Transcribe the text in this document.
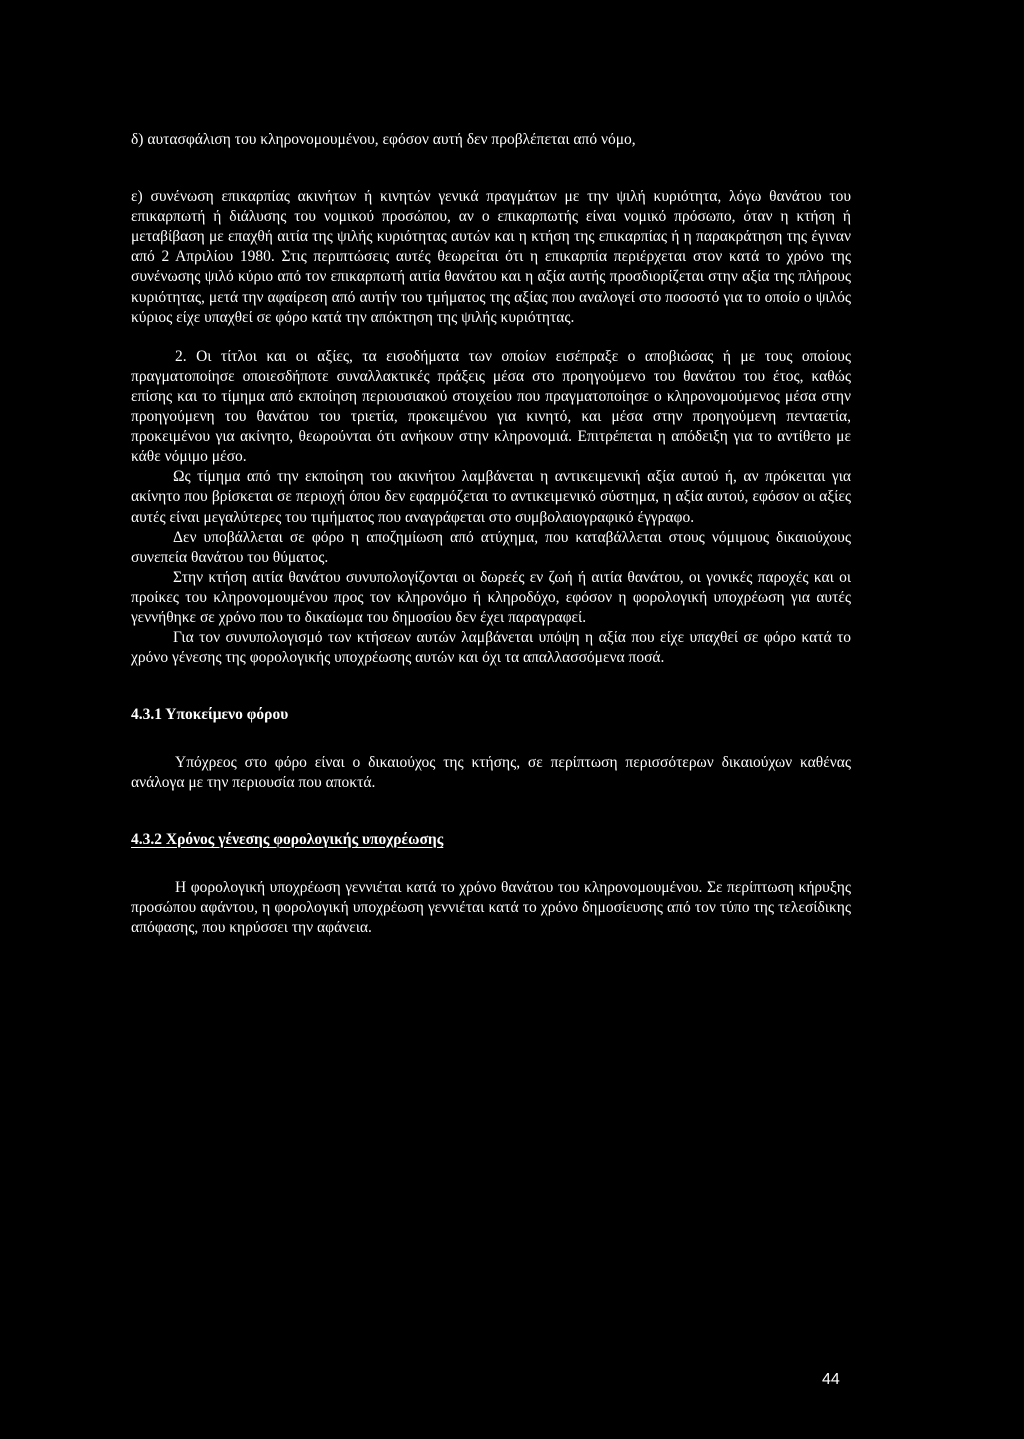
δ) αυτασφάλιση του κληρονομουμένου, εφόσον αυτή δεν προβλέπεται από νόμο,

ε) συνένωση επικαρπίας ακινήτων ή κινητών γενικά πραγμάτων με την ψιλή κυριότητα, λόγω θανάτου του επικαρπωτή ή διάλυσης του νομικού προσώπου, αν ο επικαρπωτής είναι νομικό πρόσωπο, όταν η κτήση ή μεταβίβαση με επαχθή αιτία της ψιλής κυριότητας αυτών και η κτήση της επικαρπίας ή η παρακράτηση της έγιναν από 2 Απριλίου 1980. Στις περιπτώσεις αυτές θεωρείται ότι η επικαρπία περιέρχεται στον κατά το χρόνο της συνένωσης ψιλό κύριο από τον επικαρπωτή αιτία θανάτου και η αξία αυτής προσδιορίζεται στην αξία της πλήρους κυριότητας, μετά την αφαίρεση από αυτήν του τμήματος της αξίας που αναλογεί στο ποσοστό για το οποίο ο ψιλός κύριος είχε υπαχθεί σε φόρο κατά την απόκτηση της ψιλής κυριότητας.

2. Οι τίτλοι και οι αξίες, τα εισοδήματα των οποίων εισέπραξε ο αποβιώσας ή με τους οποίους πραγματοποίησε οποιεσδήποτε συναλλακτικές πράξεις μέσα στο προηγούμενο του θανάτου του έτος, καθώς επίσης και το τίμημα από εκποίηση περιουσιακού στοιχείου που πραγματοποίησε ο κληρονομούμενος μέσα στην προηγούμενη του θανάτου του τριετία, προκειμένου για κινητό, και μέσα στην προηγούμενη πενταετία, προκειμένου για ακίνητο, θεωρούνται ότι ανήκουν στην κληρονομιά. Επιτρέπεται η απόδειξη για το αντίθετο με κάθε νόμιμο μέσο.

Ως τίμημα από την εκποίηση του ακινήτου λαμβάνεται η αντικειμενική αξία αυτού ή, αν πρόκειται για ακίνητο που βρίσκεται σε περιοχή όπου δεν εφαρμόζεται το αντικειμενικό σύστημα, η αξία αυτού, εφόσον οι αξίες αυτές είναι μεγαλύτερες του τιμήματος που αναγράφεται στο συμβολαιογραφικό έγγραφο.

Δεν υποβάλλεται σε φόρο η αποζημίωση από ατύχημα, που καταβάλλεται στους νόμιμους δικαιούχους συνεπεία θανάτου του θύματος.

Στην κτήση αιτία θανάτου συνυπολογίζονται οι δωρεές εν ζωή ή αιτία θανάτου, οι γονικές παροχές και οι προίκες του κληρονομουμένου προς τον κληρονόμο ή κληροδόχο, εφόσον η φορολογική υποχρέωση για αυτές γεννήθηκε σε χρόνο που το δικαίωμα του δημοσίου δεν έχει παραγραφεί.

Για τον συνυπολογισμό των κτήσεων αυτών λαμβάνεται υπόψη η αξία που είχε υπαχθεί σε φόρο κατά το χρόνο γένεσης της φορολογικής υποχρέωσης αυτών και όχι τα απαλλασσόμενα ποσά.

4.3.1 Υποκείμενο φόρου

Υπόχρεος στο φόρο είναι ο δικαιούχος της κτήσης, σε περίπτωση περισσότερων δικαιούχων καθένας ανάλογα με την περιουσία που αποκτά.

4.3.2 Χρόνος γένεσης φορολογικής υποχρέωσης

Η φορολογική υποχρέωση γεννιέται κατά το χρόνο θανάτου του κληρονομουμένου. Σε περίπτωση κήρυξης προσώπου αφάντου, η φορολογική υποχρέωση γεννιέται κατά το χρόνο δημοσίευσης από τον τύπο της τελεσίδικης απόφασης, που κηρύσσει την αφάνεια.

44
